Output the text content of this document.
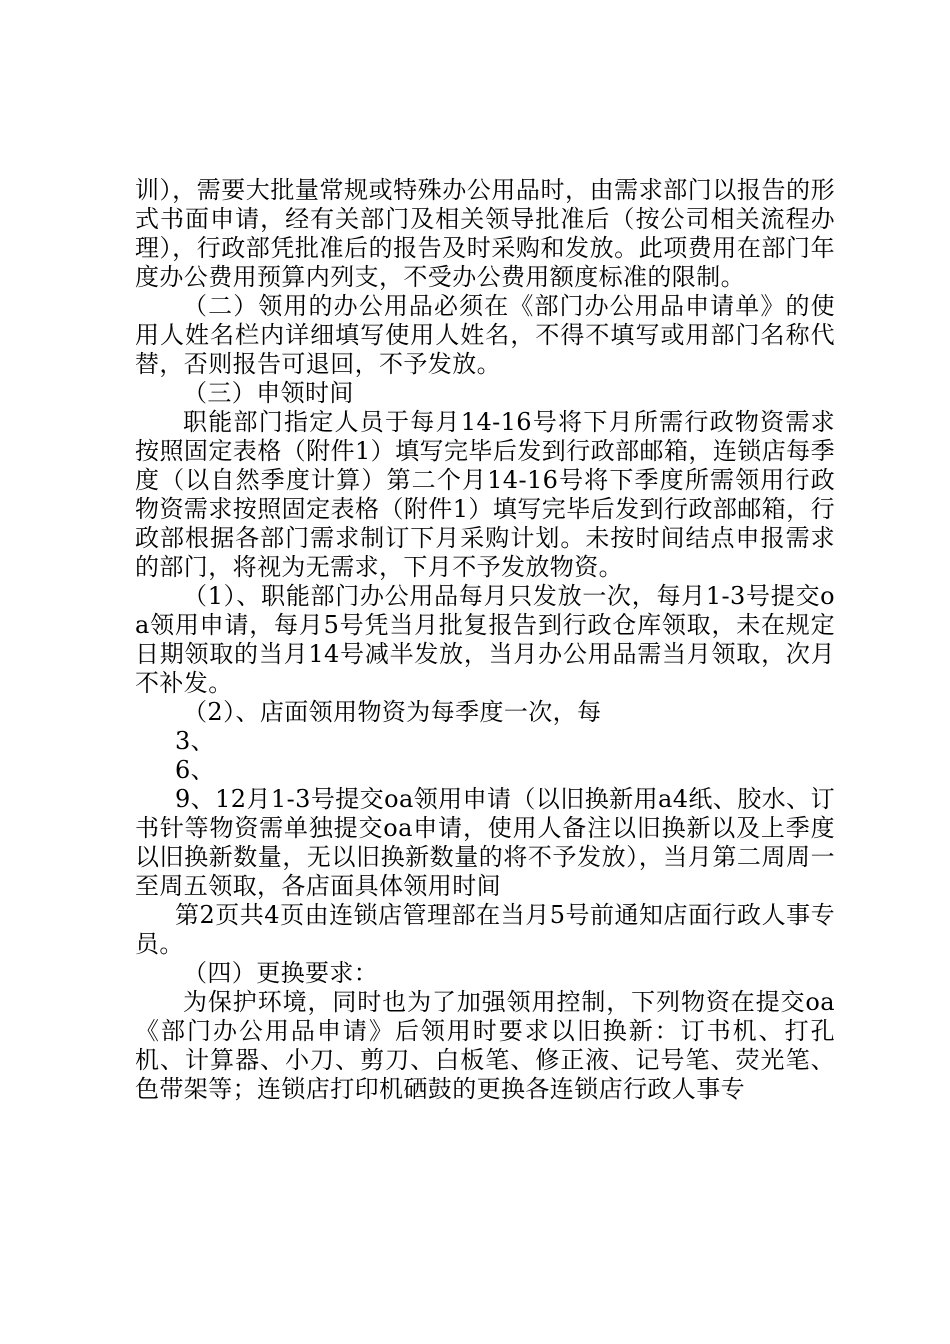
训），需要大批量常规或特殊办公用品时，由需求部门以报告的形式书面申请，经有关部门及相关领导批准后（按公司相关流程办理），行政部凭批准后的报告及时采购和发放。此项费用在部门年度办公费用预算内列支，不受办公费用额度标准的限制。

（二）领用的办公用品必须在《部门办公用品申请单》的使用人姓名栏内详细填写使用人姓名，不得不填写或用部门名称代替，否则报告可退回，不予发放。

（三）申领时间

职能部门指定人员于每月14-16号将下月所需行政物资需求按照固定表格（附件1）填写完毕后发到行政部邮箱，连锁店每季度（以自然季度计算）第二个月14-16号将下季度所需领用行政物资需求按照固定表格（附件1）填写完毕后发到行政部邮箱，行政部根据各部门需求制订下月采购计划。未按时间结点申报需求的部门，将视为无需求，下月不予发放物资。

（1）、职能部门办公用品每月只发放一次，每月1-3号提交oa领用申请，每月5号凭当月批复报告到行政仓库领取，未在规定日期领取的当月14号减半发放，当月办公用品需当月领取，次月不补发。

（2）、店面领用物资为每季度一次，每

3、

6、

9、12月1-3号提交oa领用申请（以旧换新用a4纸、胶水、订书针等物资需单独提交oa申请，使用人备注以旧换新以及上季度以旧换新数量，无以旧换新数量的将不予发放），当月第二周周一至周五领取，各店面具体领用时间

第2页共4页由连锁店管理部在当月5号前通知店面行政人事专员。

（四）更换要求：

为保护环境，同时也为了加强领用控制，下列物资在提交oa《部门办公用品申请》后领用时要求以旧换新：订书机、打孔机、计算器、小刀、剪刀、白板笔、修正液、记号笔、荧光笔、色带架等；连锁店打印机硒鼓的更换各连锁店行政人事专
